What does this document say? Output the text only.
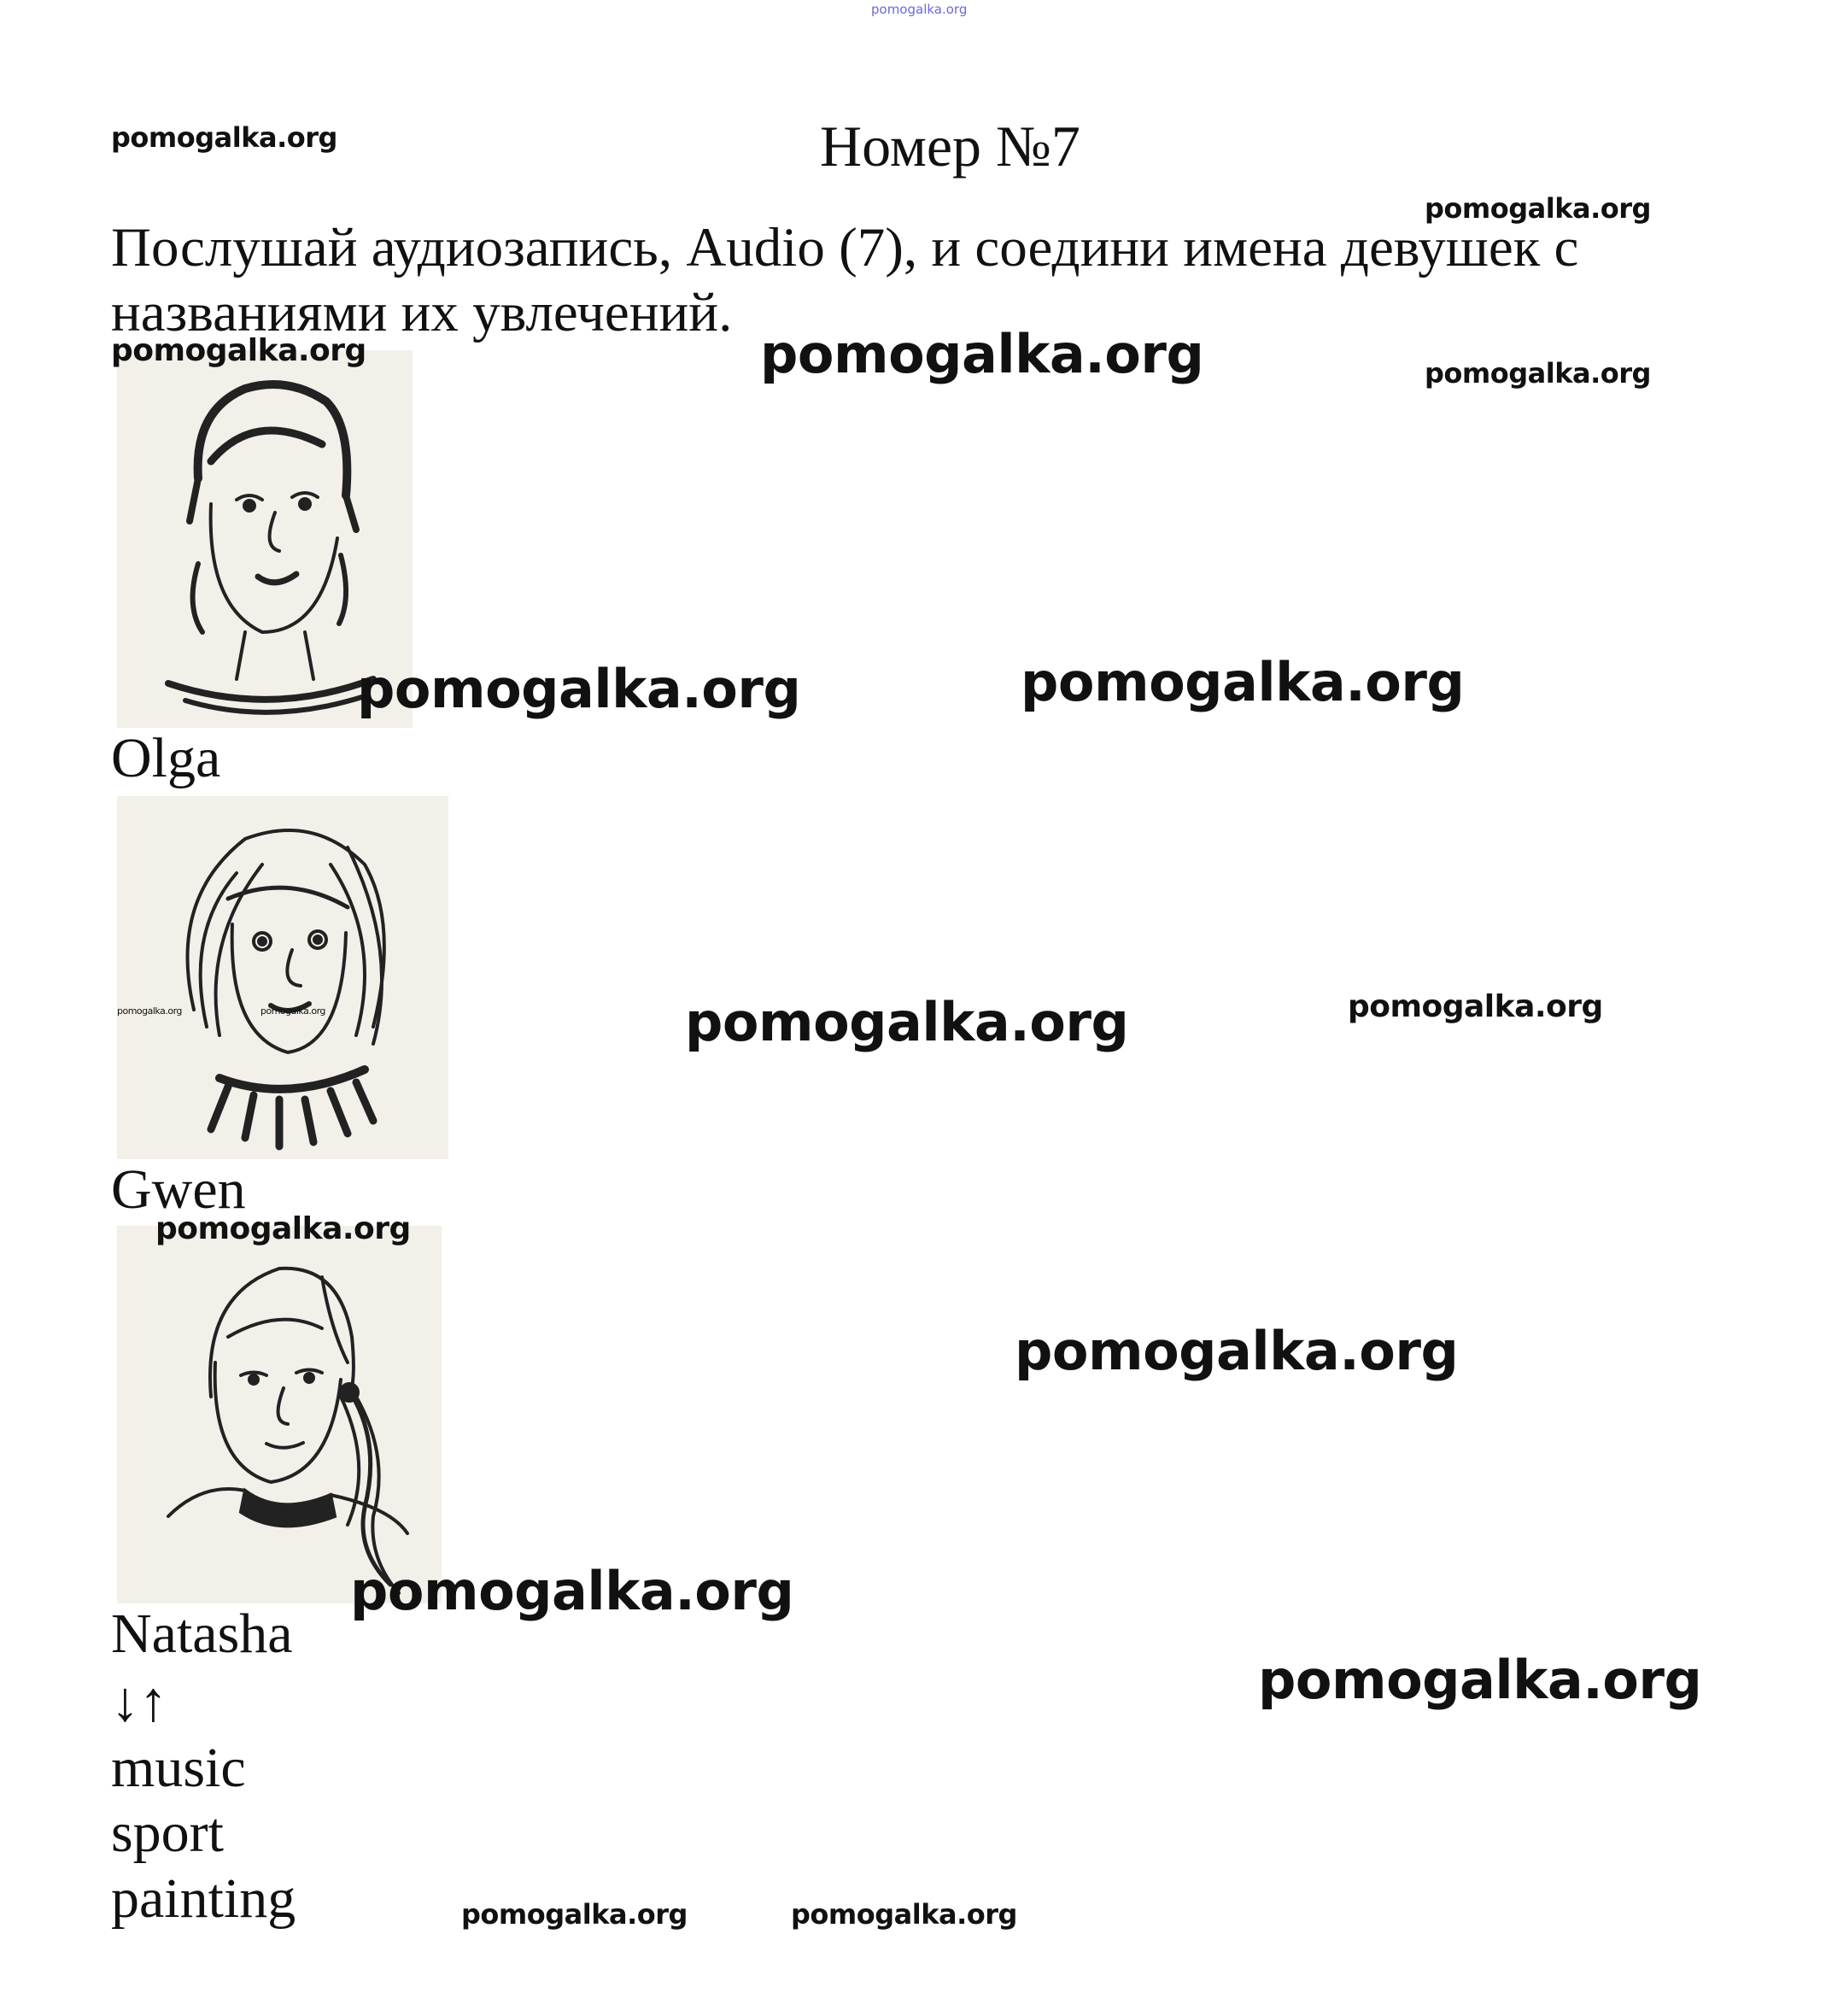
pomogalka.org
Номер №7
Послушай аудиозапись, Audio (7), и соедини имена девушек с названиями их увлечений.
Olga
pomogalka.org	pomogalka.org
Gwen
Natasha
↓↑
music
sport
painting
pomogalka.org
pomogalka.org
pomogalka.org	pomogalka.org	pomogalka.org
pomogalka.org	pomogalka.org
pomogalka.org	pomogalka.org
pomogalka.org
pomogalka.org
pomogalka.org
pomogalka.org
pomogalka.org	pomogalka.org
